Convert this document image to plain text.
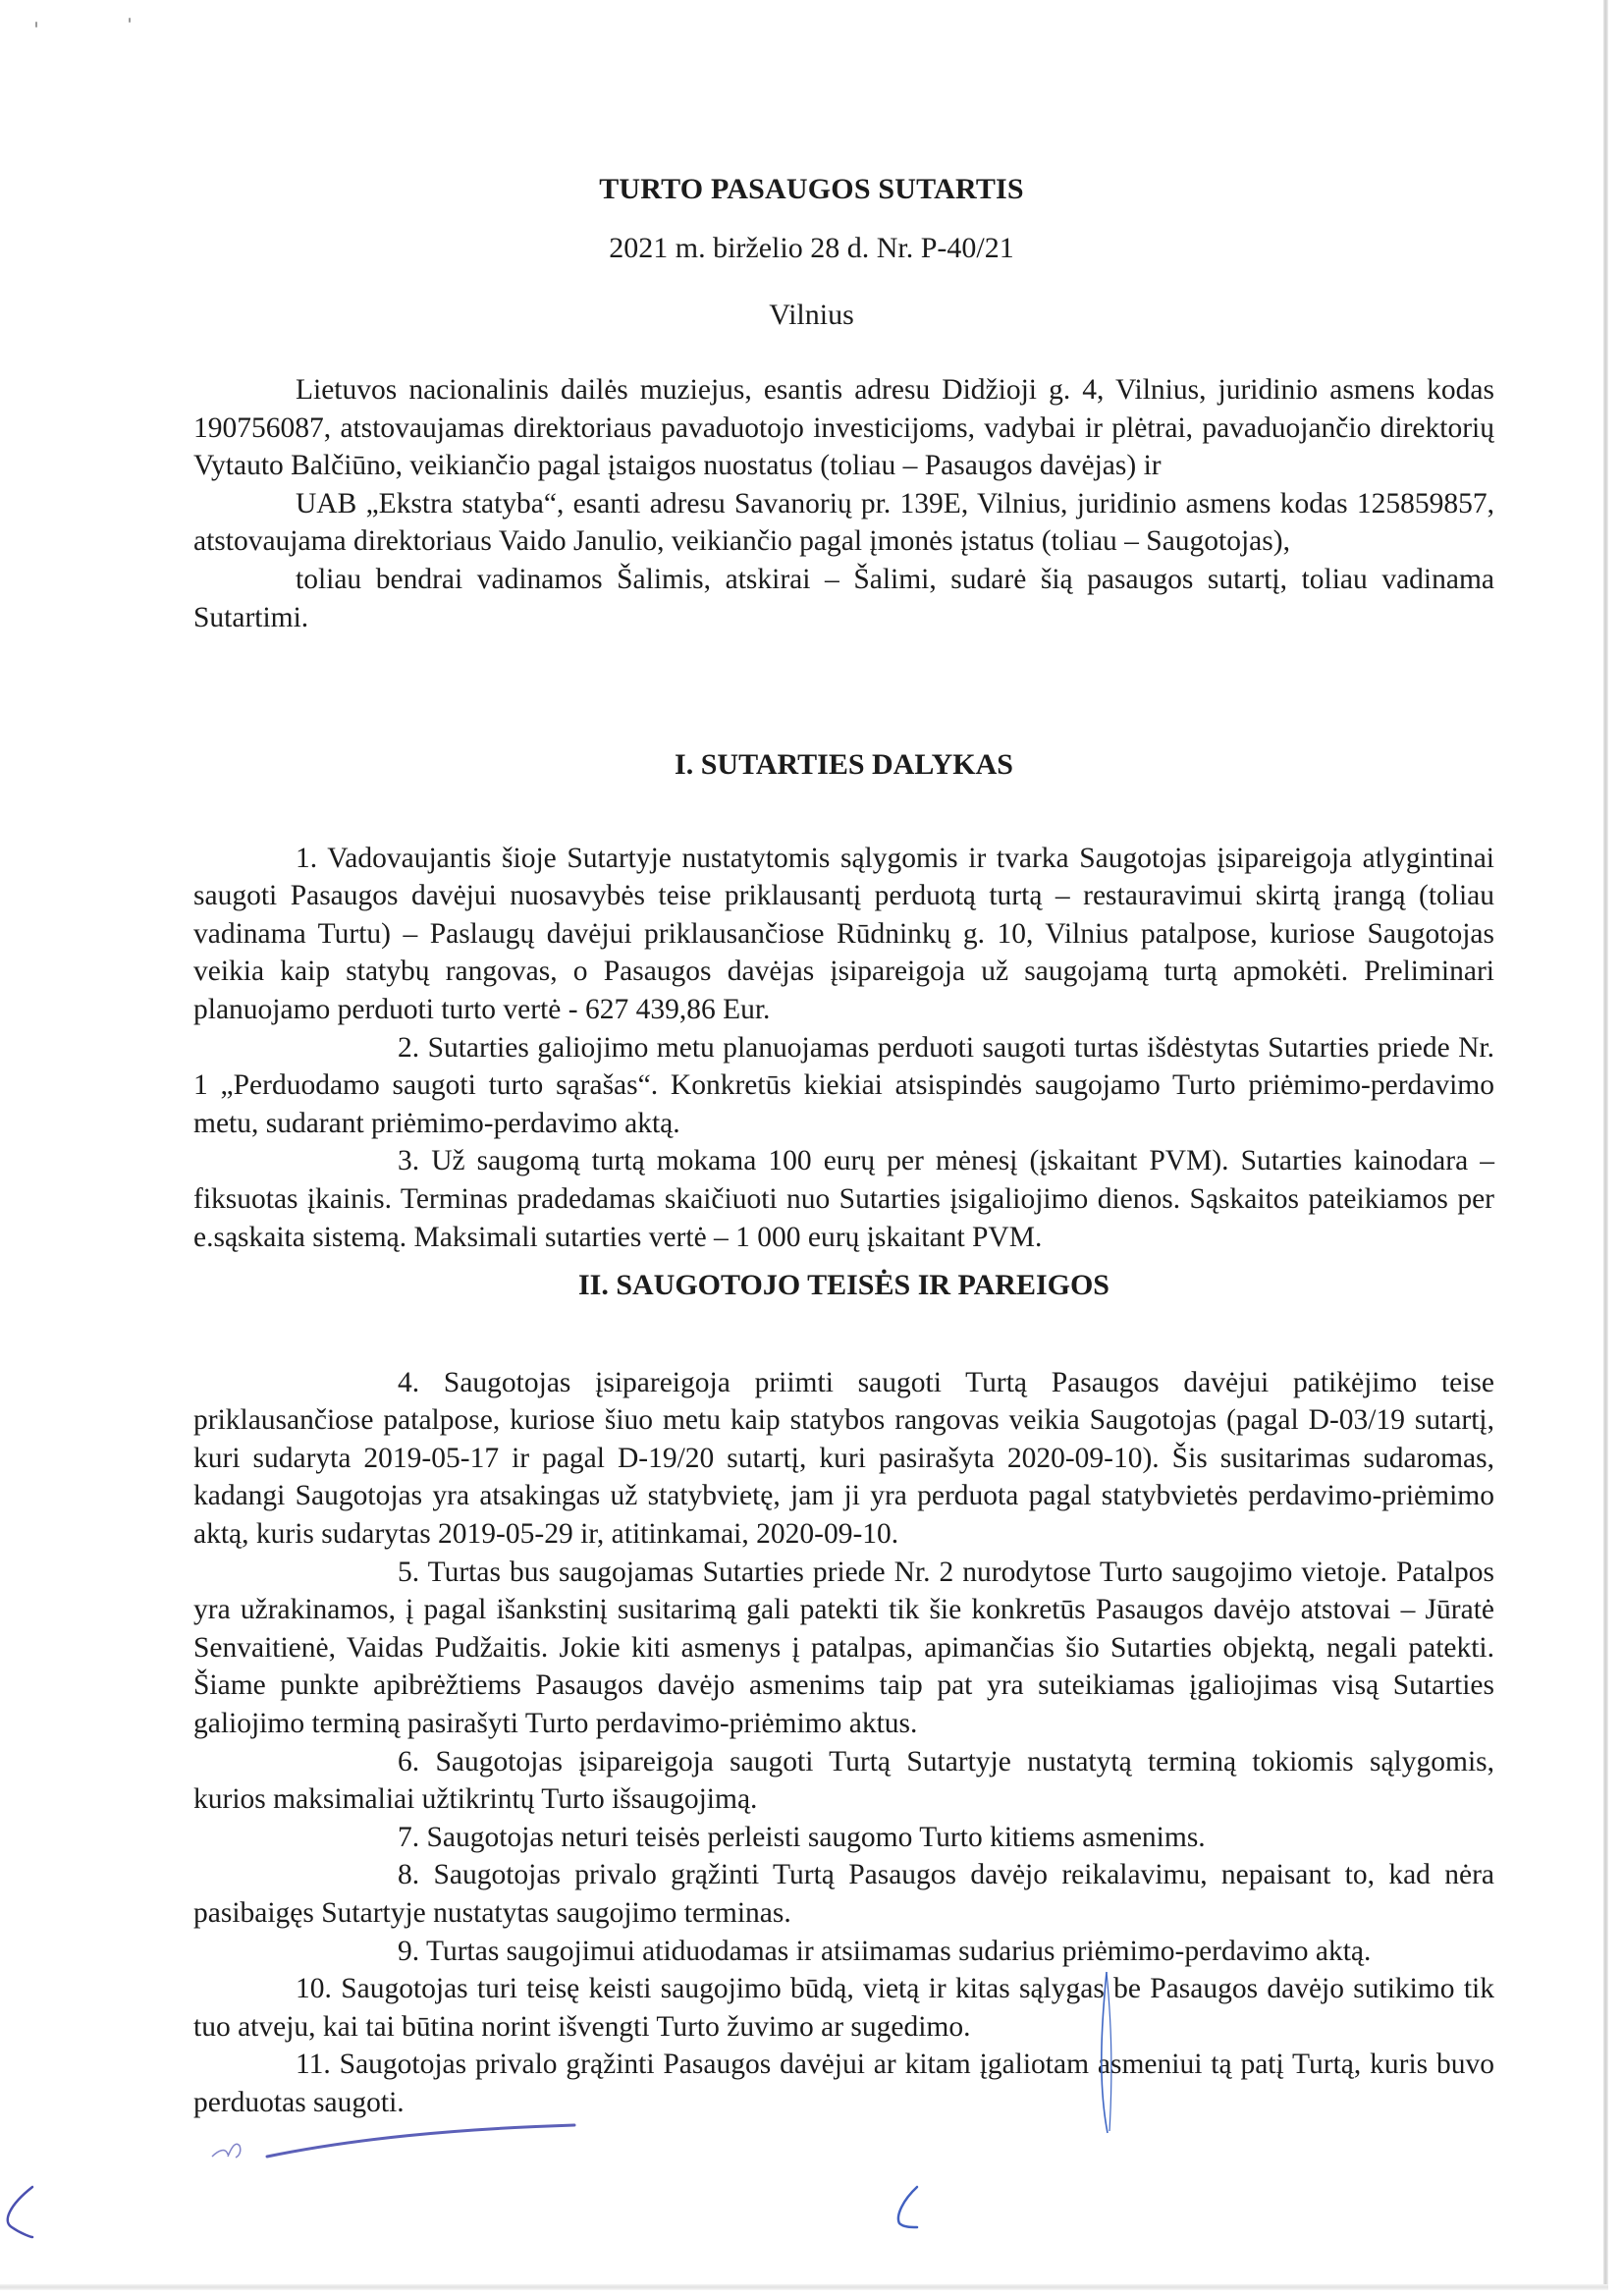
TURTO PASAUGOS SUTARTIS
2021 m. birželio 28 d. Nr. P-40/21
Vilnius

Lietuvos nacionalinis dailės muziejus, esantis adresu Didžioji g. 4, Vilnius, juridinio asmens kodas 190756087, atstovaujamas direktoriaus pavaduotojo investicijoms, vadybai ir plėtrai, pavaduojančio direktorių Vytauto Balčiūno, veikiančio pagal įstaigos nuostatus (toliau – Pasaugos davėjas) ir

UAB „Ekstra statyba“, esanti adresu Savanorių pr. 139E, Vilnius, juridinio asmens kodas 125859857, atstovaujama direktoriaus Vaido Janulio, veikiančio pagal įmonės įstatus (toliau – Saugotojas),

toliau bendrai vadinamos Šalimis, atskirai – Šalimi, sudarė šią pasaugos sutartį, toliau vadinama Sutartimi.

I. SUTARTIES DALYKAS

1. Vadovaujantis šioje Sutartyje nustatytomis sąlygomis ir tvarka Saugotojas įsipareigoja atlygintinai saugoti Pasaugos davėjui nuosavybės teise priklausantį perduotą turtą – restauravimui skirtą įrangą (toliau vadinama Turtu) – Paslaugų davėjui priklausančiose Rūdninkų g. 10, Vilnius patalpose, kuriose Saugotojas veikia kaip statybų rangovas, o Pasaugos davėjas įsipareigoja už saugojamą turtą apmokėti. Preliminari planuojamo perduoti turto vertė - 627 439,86 Eur.

2. Sutarties galiojimo metu planuojamas perduoti saugoti turtas išdėstytas Sutarties priede Nr. 1 „Perduodamo saugoti turto sąrašas“. Konkretūs kiekiai atsispindės saugojamo Turto priėmimo-perdavimo metu, sudarant priėmimo-perdavimo aktą.

3. Už saugomą turtą mokama 100 eurų per mėnesį (įskaitant PVM). Sutarties kainodara – fiksuotas įkainis. Terminas pradedamas skaičiuoti nuo Sutarties įsigaliojimo dienos. Sąskaitos pateikiamos per e.sąskaita sistemą. Maksimali sutarties vertė – 1 000 eurų įskaitant PVM.

II. SAUGOTOJO TEISĖS IR PAREIGOS

4. Saugotojas įsipareigoja priimti saugoti Turtą Pasaugos davėjui patikėjimo teise priklausančiose patalpose, kuriose šiuo metu kaip statybos rangovas veikia Saugotojas (pagal D-03/19 sutartį, kuri sudaryta 2019-05-17 ir pagal D-19/20 sutartį, kuri pasirašyta 2020-09-10). Šis susitarimas sudaromas, kadangi Saugotojas yra atsakingas už statybvietę, jam ji yra perduota pagal statybvietės perdavimo-priėmimo aktą, kuris sudarytas 2019-05-29 ir, atitinkamai, 2020-09-10.

5. Turtas bus saugojamas Sutarties priede Nr. 2 nurodytose Turto saugojimo vietoje. Patalpos yra užrakinamos, į pagal išankstinį susitarimą gali patekti tik šie konkretūs Pasaugos davėjo atstovai – Jūratė Senvaitienė, Vaidas Pudžaitis. Jokie kiti asmenys į patalpas, apimančias šio Sutarties objektą, negali patekti. Šiame punkte apibrėžtiems Pasaugos davėjo asmenims taip pat yra suteikiamas įgaliojimas visą Sutarties galiojimo terminą pasirašyti Turto perdavimo-priėmimo aktus.

6. Saugotojas įsipareigoja saugoti Turtą Sutartyje nustatytą terminą tokiomis sąlygomis, kurios maksimaliai užtikrintų Turto išsaugojimą.

7. Saugotojas neturi teisės perleisti saugomo Turto kitiems asmenims.

8. Saugotojas privalo grąžinti Turtą Pasaugos davėjo reikalavimu, nepaisant to, kad nėra pasibaigęs Sutartyje nustatytas saugojimo terminas.

9. Turtas saugojimui atiduodamas ir atsiimamas sudarius priėmimo-perdavimo aktą.

10. Saugotojas turi teisę keisti saugojimo būdą, vietą ir kitas sąlygas be Pasaugos davėjo sutikimo tik tuo atveju, kai tai būtina norint išvengti Turto žuvimo ar sugedimo.

11. Saugotojas privalo grąžinti Pasaugos davėjui ar kitam įgaliotam asmeniui tą patį Turtą, kuris buvo perduotas saugoti.
